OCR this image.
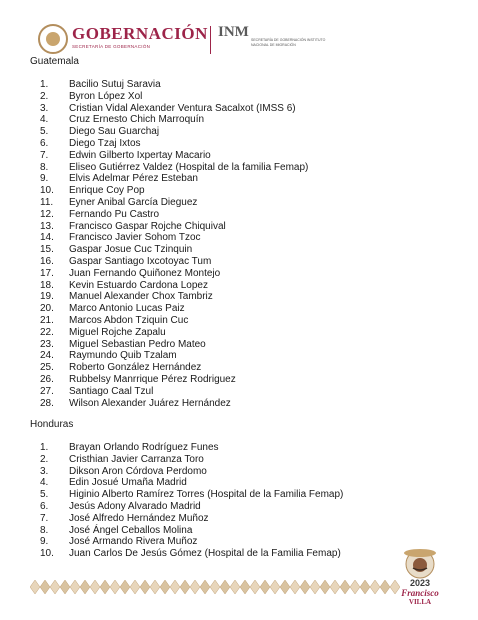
GOBERNACIÓN
SECRETARÍA DE GOBERNACIÓN
INM SECRETARÍA DE GOBERNACIÓN INSTITUTO NACIONAL DE MIGRACIÓN
Guatemala
1. Bacilio Sutuj Saravia
2. Byron López Xol
3. Cristian Vidal Alexander Ventura Sacalxot (IMSS 6)
4. Cruz Ernesto Chich Marroquín
5. Diego Sau Guarchaj
6. Diego Tzaj Ixtos
7. Edwin Gilberto Ixpertay Macario
8. Eliseo Gutiérrez Valdez (Hospital de la familia Femap)
9. Elvis Adelmar Pérez Esteban
10. Enrique Coy Pop
11. Eyner Anibal García Dieguez
12. Fernando Pu Castro
13. Francisco Gaspar Rojche Chiquival
14. Francisco Javier Sohom Tzoc
15. Gaspar Josue Cuc Tzinquin
16. Gaspar Santiago Ixcotoyac Tum
17. Juan Fernando Quiñonez Montejo
18. Kevin Estuardo Cardona Lopez
19. Manuel Alexander Chox Tambriz
20. Marco Antonio Lucas Paiz
21. Marcos Abdon Tziquin Cuc
22. Miguel Rojche Zapalu
23. Miguel Sebastian Pedro Mateo
24. Raymundo Quib Tzalam
25. Roberto González Hernández
26. Rubbelsy Manrrique Pérez Rodriguez
27. Santiago Caal Tzul
28. Wilson Alexander Juárez Hernández
Honduras
1. Brayan Orlando Rodríguez Funes
2. Cristhian Javier Carranza Toro
3. Dikson Aron Córdova Perdomo
4. Edin Josué Umaña Madrid
5. Higinio Alberto Ramírez Torres (Hospital de la Familia Femap)
6. Jesús Adony Alvarado Madrid
7. José Alfredo Hernández Muñoz
8. José Ángel Ceballos Molina
9. José Armando Rivera Muñoz
10. Juan Carlos De Jesús Gómez (Hospital de la Familia Femap)
2023
Francisco
VILLA
